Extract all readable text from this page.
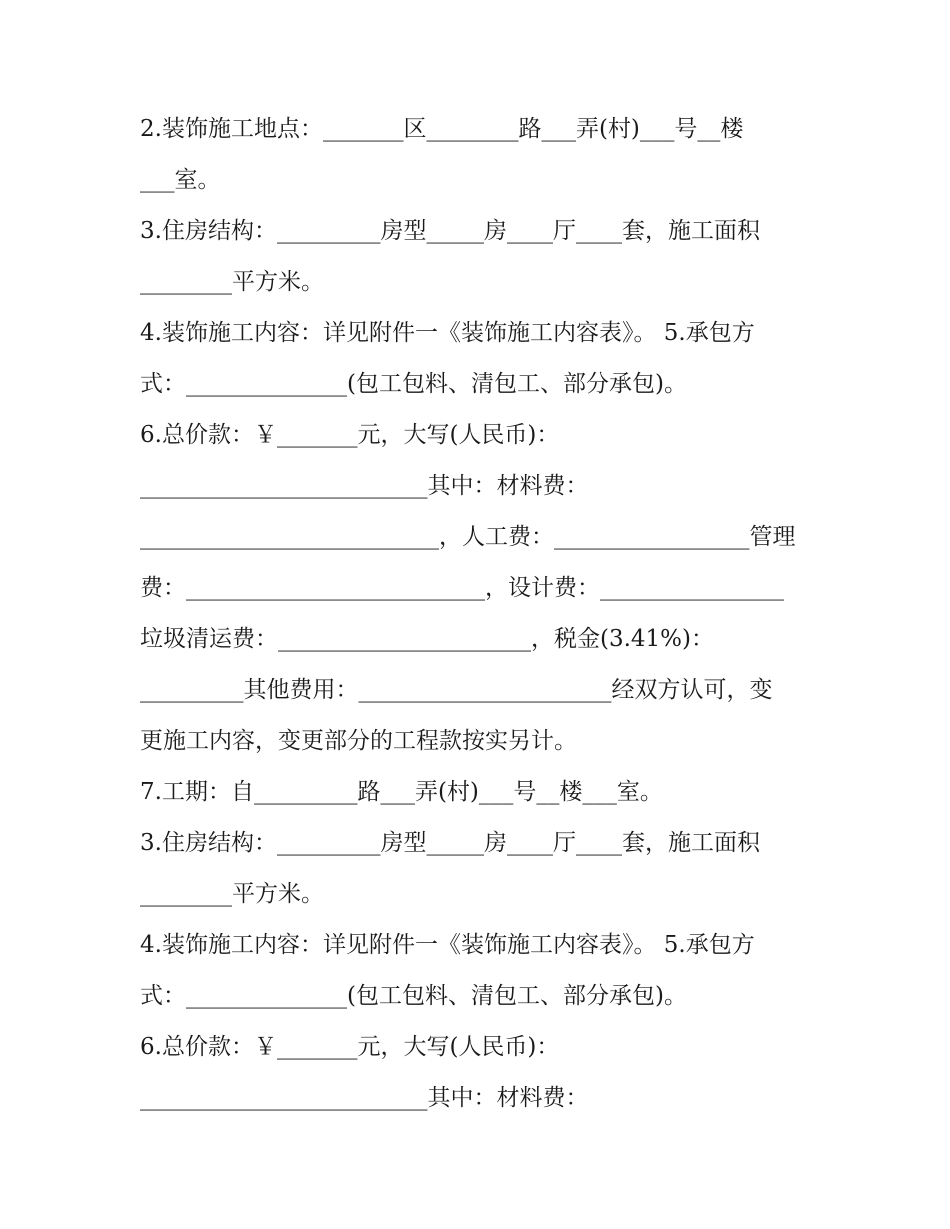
2.装饰施工地点：_______区________路___弄(村)___号__楼
___室。
3.住房结构：_________房型_____房____厅____套，施工面积
________平方米。
4.装饰施工内容：详见附件一《装饰施工内容表》。 5.承包方
式：______________(包工包料、清包工、部分承包)。
6.总价款：￥_______元，大写(人民币)：
_________________________其中：材料费：
__________________________，人工费：_________________管理
费：__________________________，设计费：________________
垃圾清运费：______________________，税金(3.41%)：
_________其他费用：______________________经双方认可，变
更施工内容，变更部分的工程款按实另计。
7.工期：自_________路___弄(村)___号__楼___室。
3.住房结构：_________房型_____房____厅____套，施工面积
________平方米。
4.装饰施工内容：详见附件一《装饰施工内容表》。 5.承包方
式：______________(包工包料、清包工、部分承包)。
6.总价款：￥_______元，大写(人民币)：
_________________________其中：材料费：
